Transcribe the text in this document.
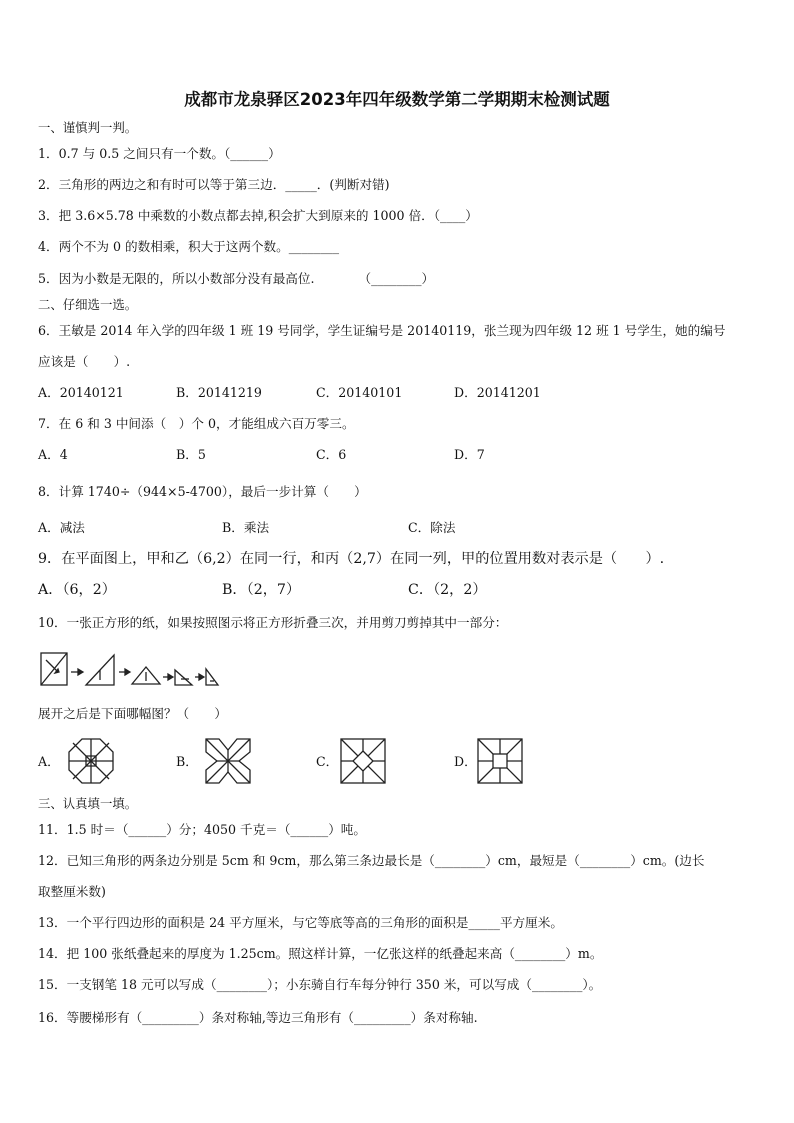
成都市龙泉驿区2023年四年级数学第二学期期末检测试题
一、谨慎判一判。
1．0.7 与 0.5 之间只有一个数。（______）
2．三角形的两边之和有时可以等于第三边．_____．(判断对错)
3．把 3.6×5.78 中乘数的小数点都去掉,积会扩大到原来的 1000 倍．（____）
4．两个不为 0 的数相乘，积大于这两个数。________
5．因为小数是无限的，所以小数部分没有最高位.　　　　（________）
二、仔细选一选。
6．王敏是 2014 年入学的四年级 1 班 19 号同学，学生证编号是 20140119，张兰现为四年级 12 班 1 号学生，她的编号
应该是（　　）.
A．20140121	B．20141219	C．20140101	D．20141201
7．在 6 和 3 中间添（　）个 0，才能组成六百万零三。
A．4	B．5	C．6	D．7
8．计算 1740÷（944×5-4700），最后一步计算（　　）
A．减法	B．乘法	C．除法
9．在平面图上，甲和乙（6,2）在同一行，和丙（2,7）在同一列，甲的位置用数对表示是（　　）.
A．（6，2）	B．（2，7）	C．（2，2）
10．一张正方形的纸，如果按照图示将正方形折叠三次，并用剪刀剪掉其中一部分：
展开之后是下面哪幅图？（　　）
A．	B．	C．	D．
三、认真填一填。
11．1.5 时＝（______）分；4050 千克＝（______）吨。
12．已知三角形的两条边分别是 5cm 和 9cm，那么第三条边最长是（________）cm，最短是（________）cm。(边长
取整厘米数)
13．一个平行四边形的面积是 24 平方厘米，与它等底等高的三角形的面积是_____平方厘米。
14．把 100 张纸叠起来的厚度为 1.25cm。照这样计算，一亿张这样的纸叠起来高（________）m。
15．一支钢笔 18 元可以写成（________）；小东骑自行车每分钟行 350 米，可以写成（________）。
16．等腰梯形有（_________）条对称轴,等边三角形有（_________）条对称轴.
